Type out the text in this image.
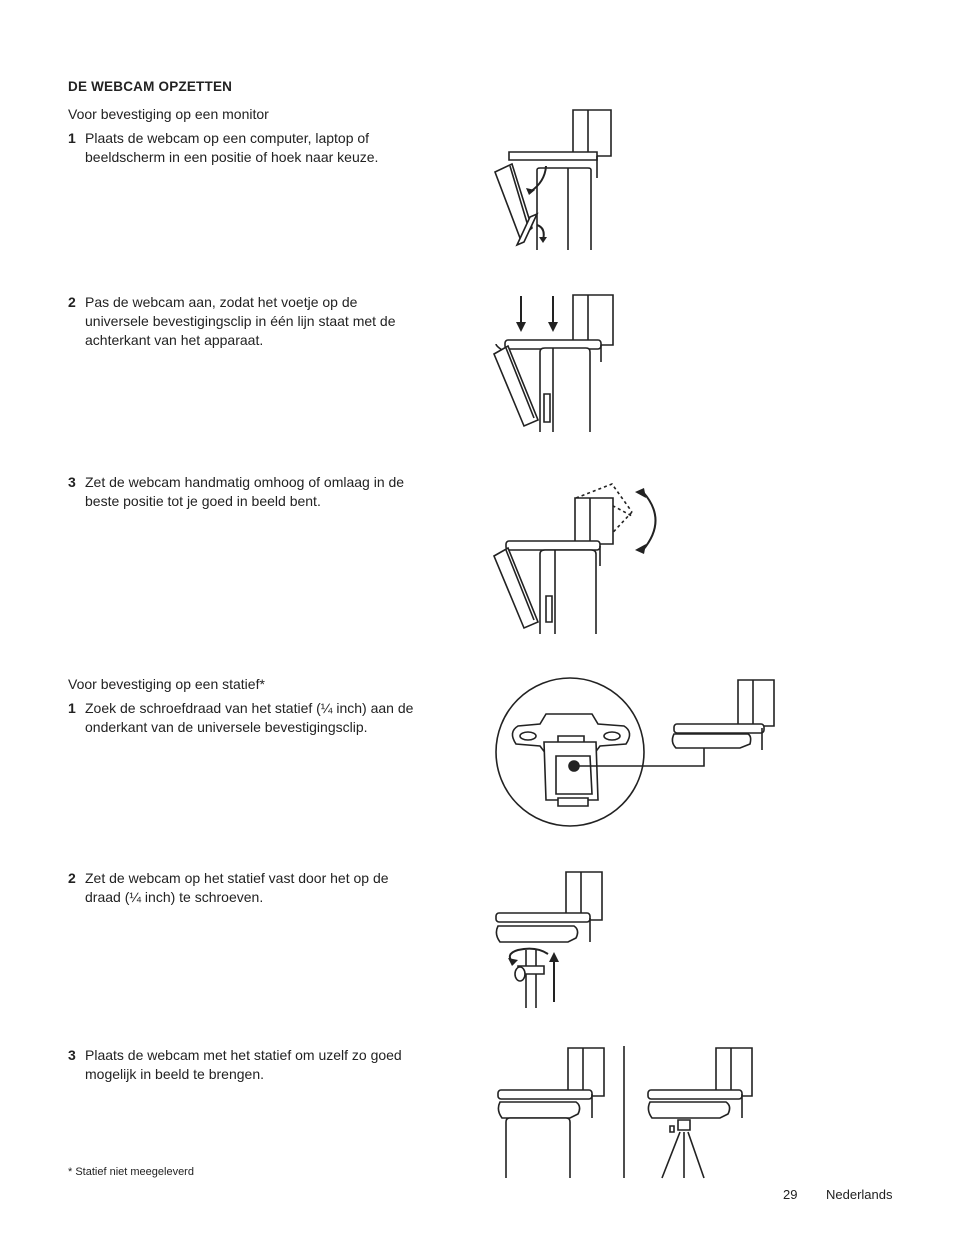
DE WEBCAM OPZETTEN
Voor bevestiging op een monitor
1 Plaats de webcam op een computer, laptop of beeldscherm in een positie of hoek naar keuze.
2 Pas de webcam aan, zodat het voetje op de universele bevestigingsclip in één lijn staat met de achterkant van het apparaat.
3 Zet de webcam handmatig omhoog of omlaag in de beste positie tot je goed in beeld bent.
Voor bevestiging op een statief*
1 Zoek de schroefdraad van het statief (¼ inch) aan de onderkant van de universele bevestigingsclip.
2 Zet de webcam op het statief vast door het op de draad (¼ inch) te schroeven.
3 Plaats de webcam met het statief om uzelf zo goed mogelijk in beeld te brengen.
* Statief niet meegeleverd
29 Nederlands
